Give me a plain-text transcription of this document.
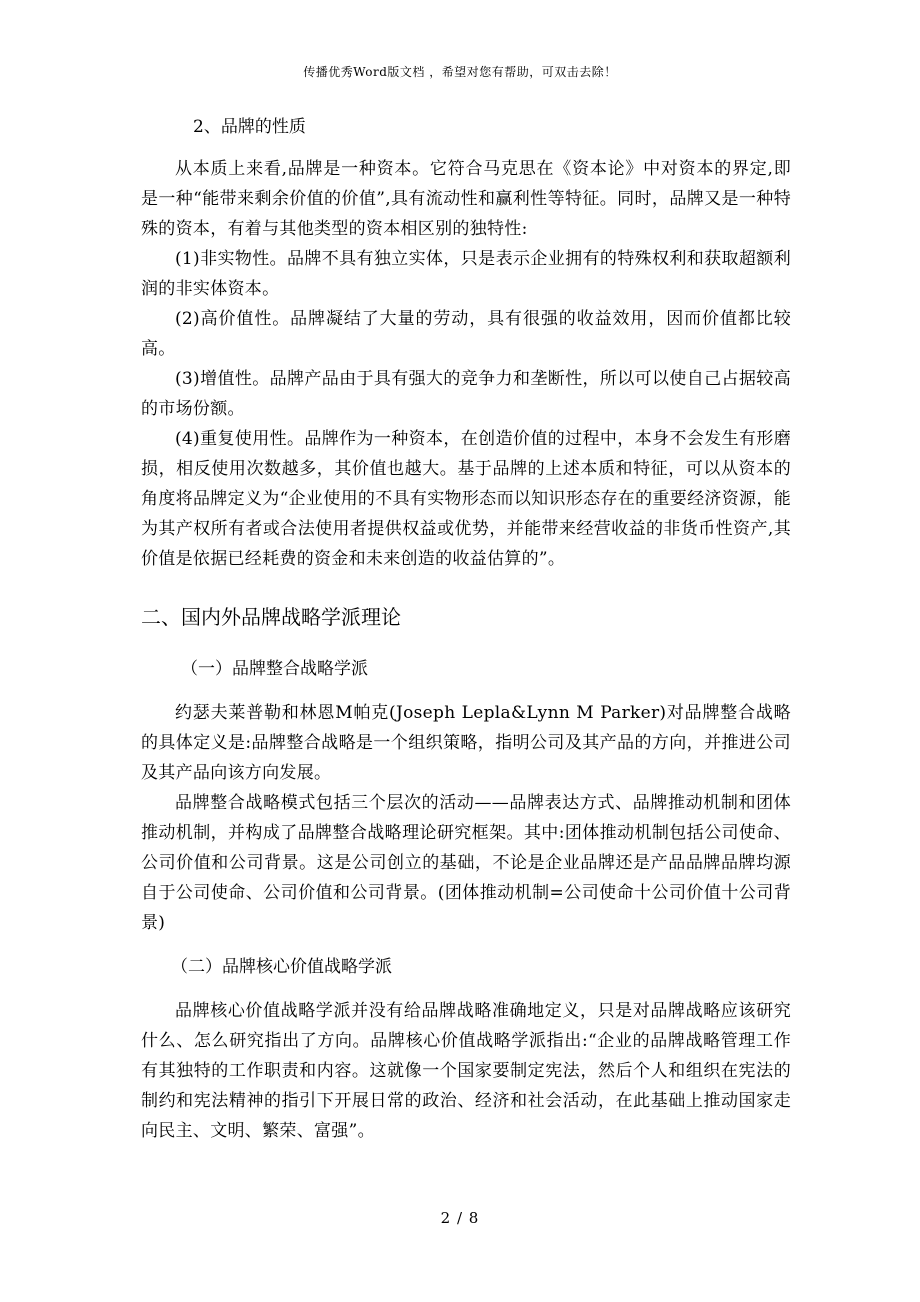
传播优秀Word版文档 ，希望对您有帮助，可双击去除！
2、品牌的性质

从本质上来看,品牌是一种资本。它符合马克思在《资本论》中对资本的界定,即是一种“能带来剩余价值的价值”,具有流动性和赢利性等特征。同时，品牌又是一种特殊的资本，有着与其他类型的资本相区别的独特性:

(1)非实物性。品牌不具有独立实体，只是表示企业拥有的特殊权利和获取超额利润的非实体资本。

(2)高价值性。品牌凝结了大量的劳动，具有很强的收益效用，因而价值都比较高。

(3)增值性。品牌产品由于具有强大的竞争力和垄断性，所以可以使自己占据较高的市场份额。

(4)重复使用性。品牌作为一种资本，在创造价值的过程中，本身不会发生有形磨损，相反使用次数越多，其价值也越大。基于品牌的上述本质和特征，可以从资本的角度将品牌定义为“企业使用的不具有实物形态而以知识形态存在的重要经济资源，能为其产权所有者或合法使用者提供权益或优势，并能带来经营收益的非货币性资产,其价值是依据已经耗费的资金和未来创造的收益估算的”。

二、国内外品牌战略学派理论
（一）品牌整合战略学派

约瑟夫莱普勒和林恩M帕克(Joseph Lepla&Lynn M Parker)对品牌整合战略的具体定义是:品牌整合战略是一个组织策略，指明公司及其产品的方向，并推进公司及其产品向该方向发展。

品牌整合战略模式包括三个层次的活动——品牌表达方式、品牌推动机制和团体推动机制，并构成了品牌整合战略理论研究框架。其中:团体推动机制包括公司使命、公司价值和公司背景。这是公司创立的基础，不论是企业品牌还是产品品牌品牌均源自于公司使命、公司价值和公司背景。(团体推动机制=公司使命十公司价值十公司背景)

（二）品牌核心价值战略学派

品牌核心价值战略学派并没有给品牌战略准确地定义，只是对品牌战略应该研究什么、怎么研究指出了方向。品牌核心价值战略学派指出:“企业的品牌战略管理工作有其独特的工作职责和内容。这就像一个国家要制定宪法，然后个人和组织在宪法的制约和宪法精神的指引下开展日常的政治、经济和社会活动，在此基础上推动国家走向民主、文明、繁荣、富强”。

2 / 8
